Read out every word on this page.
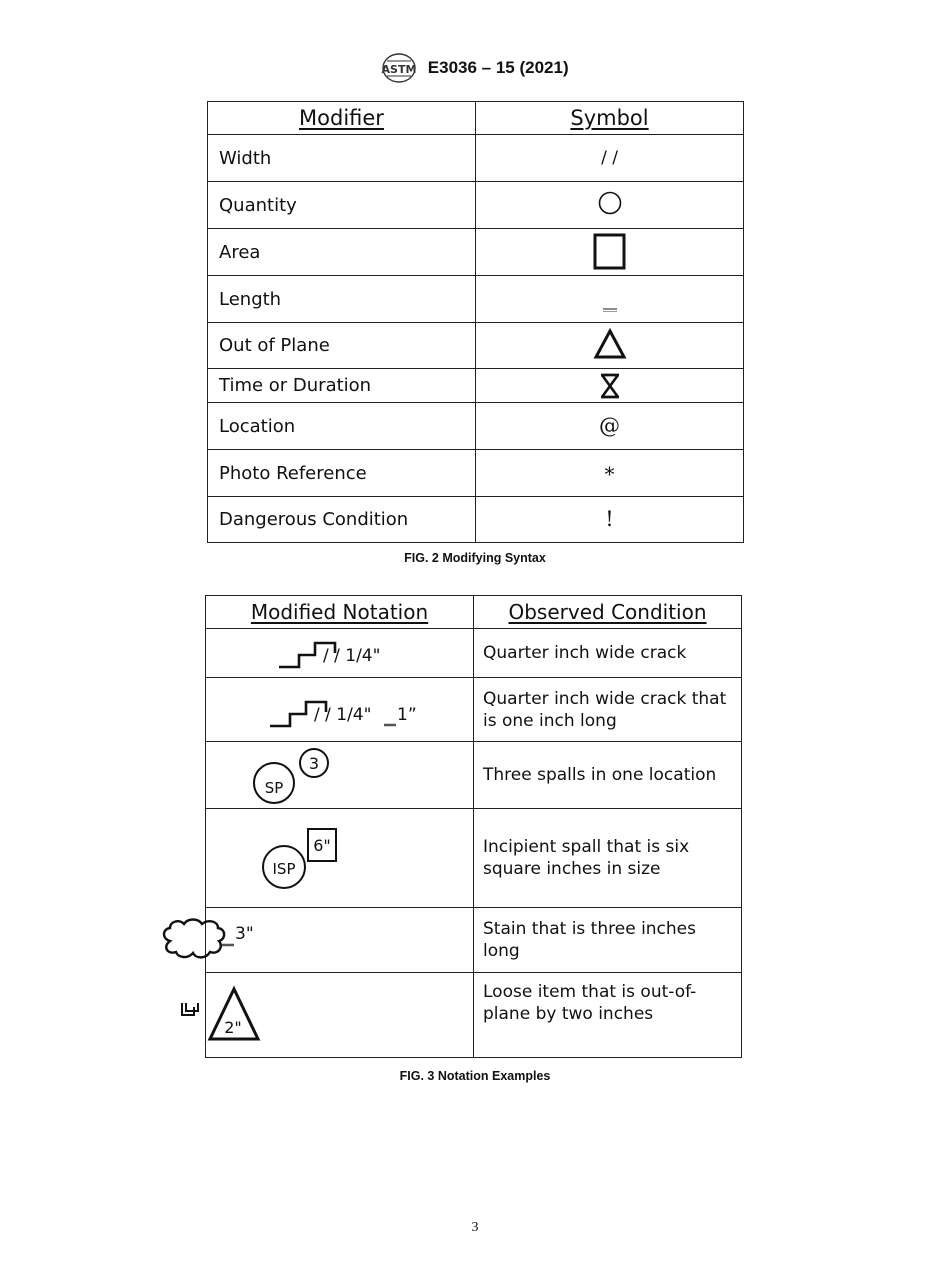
ASTM E3036 – 15 (2021)
Modifier	Symbol
Width	/ /
Quantity	

Area	

Length	

Out of Plane	

Time or Duration	

Location	@
Photo Reference	*
Dangerous Condition	!
FIG. 2 Modifying Syntax
Modified Notation	Observed Condition

/ / 1/4"	Quarter inch wide crack

/ / 1/4" 1”	Quarter inch wide crack that is one inch long

SP
3	Three spalls in one location

ISP
6"	Incipient spall that is six square inches in size

3"	Stain that is three inches long

2"	Loose item that is out-of-plane by two inches
FIG. 3 Notation Examples
3
